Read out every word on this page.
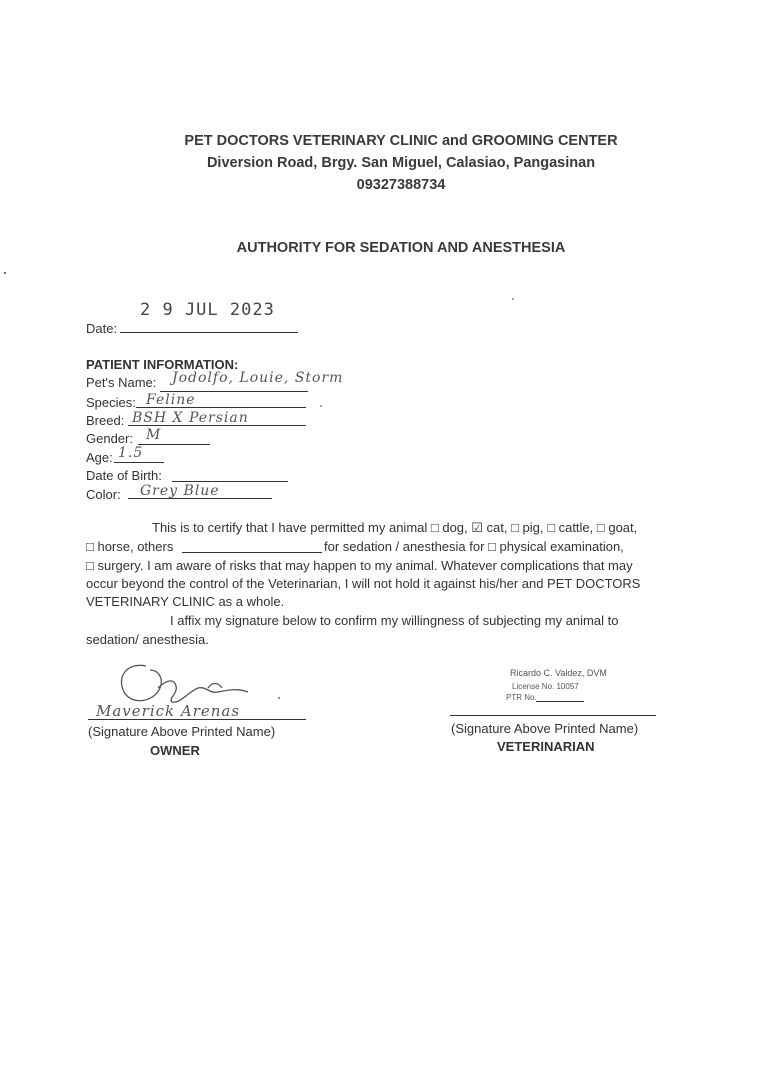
PET DOCTORS VETERINARY CLINIC and GROOMING CENTER
Diversion Road, Brgy. San Miguel, Calasiao, Pangasinan
09327388734
AUTHORITY FOR SEDATION AND ANESTHESIA
2 9 JUL 2023
Date:
PATIENT INFORMATION:
Pet's Name: Jodolfo, Louie, Storm
Species: Feline
Breed: BSH X Persian
Gender: M
Age: 1.5
Date of Birth:
Color: Grey Blue
This is to certify that I have permitted my animal □ dog, ☑ cat, □ pig, □ cattle, □ goat,
□ horse, others	for sedation / anesthesia for □ physical examination,
□ surgery. I am aware of risks that may happen to my animal. Whatever complications that may
occur beyond the control of the Veterinarian, I will not hold it against his/her and PET DOCTORS
VETERINARY CLINIC as a whole.
I affix my signature below to confirm my willingness of subjecting my animal to
sedation/ anesthesia.
Maverick Arenas
(Signature Above Printed Name)
OWNER
Ricardo C. Valdez, DVM
License No. 10057
PTR No.
(Signature Above Printed Name)
VETERINARIAN
